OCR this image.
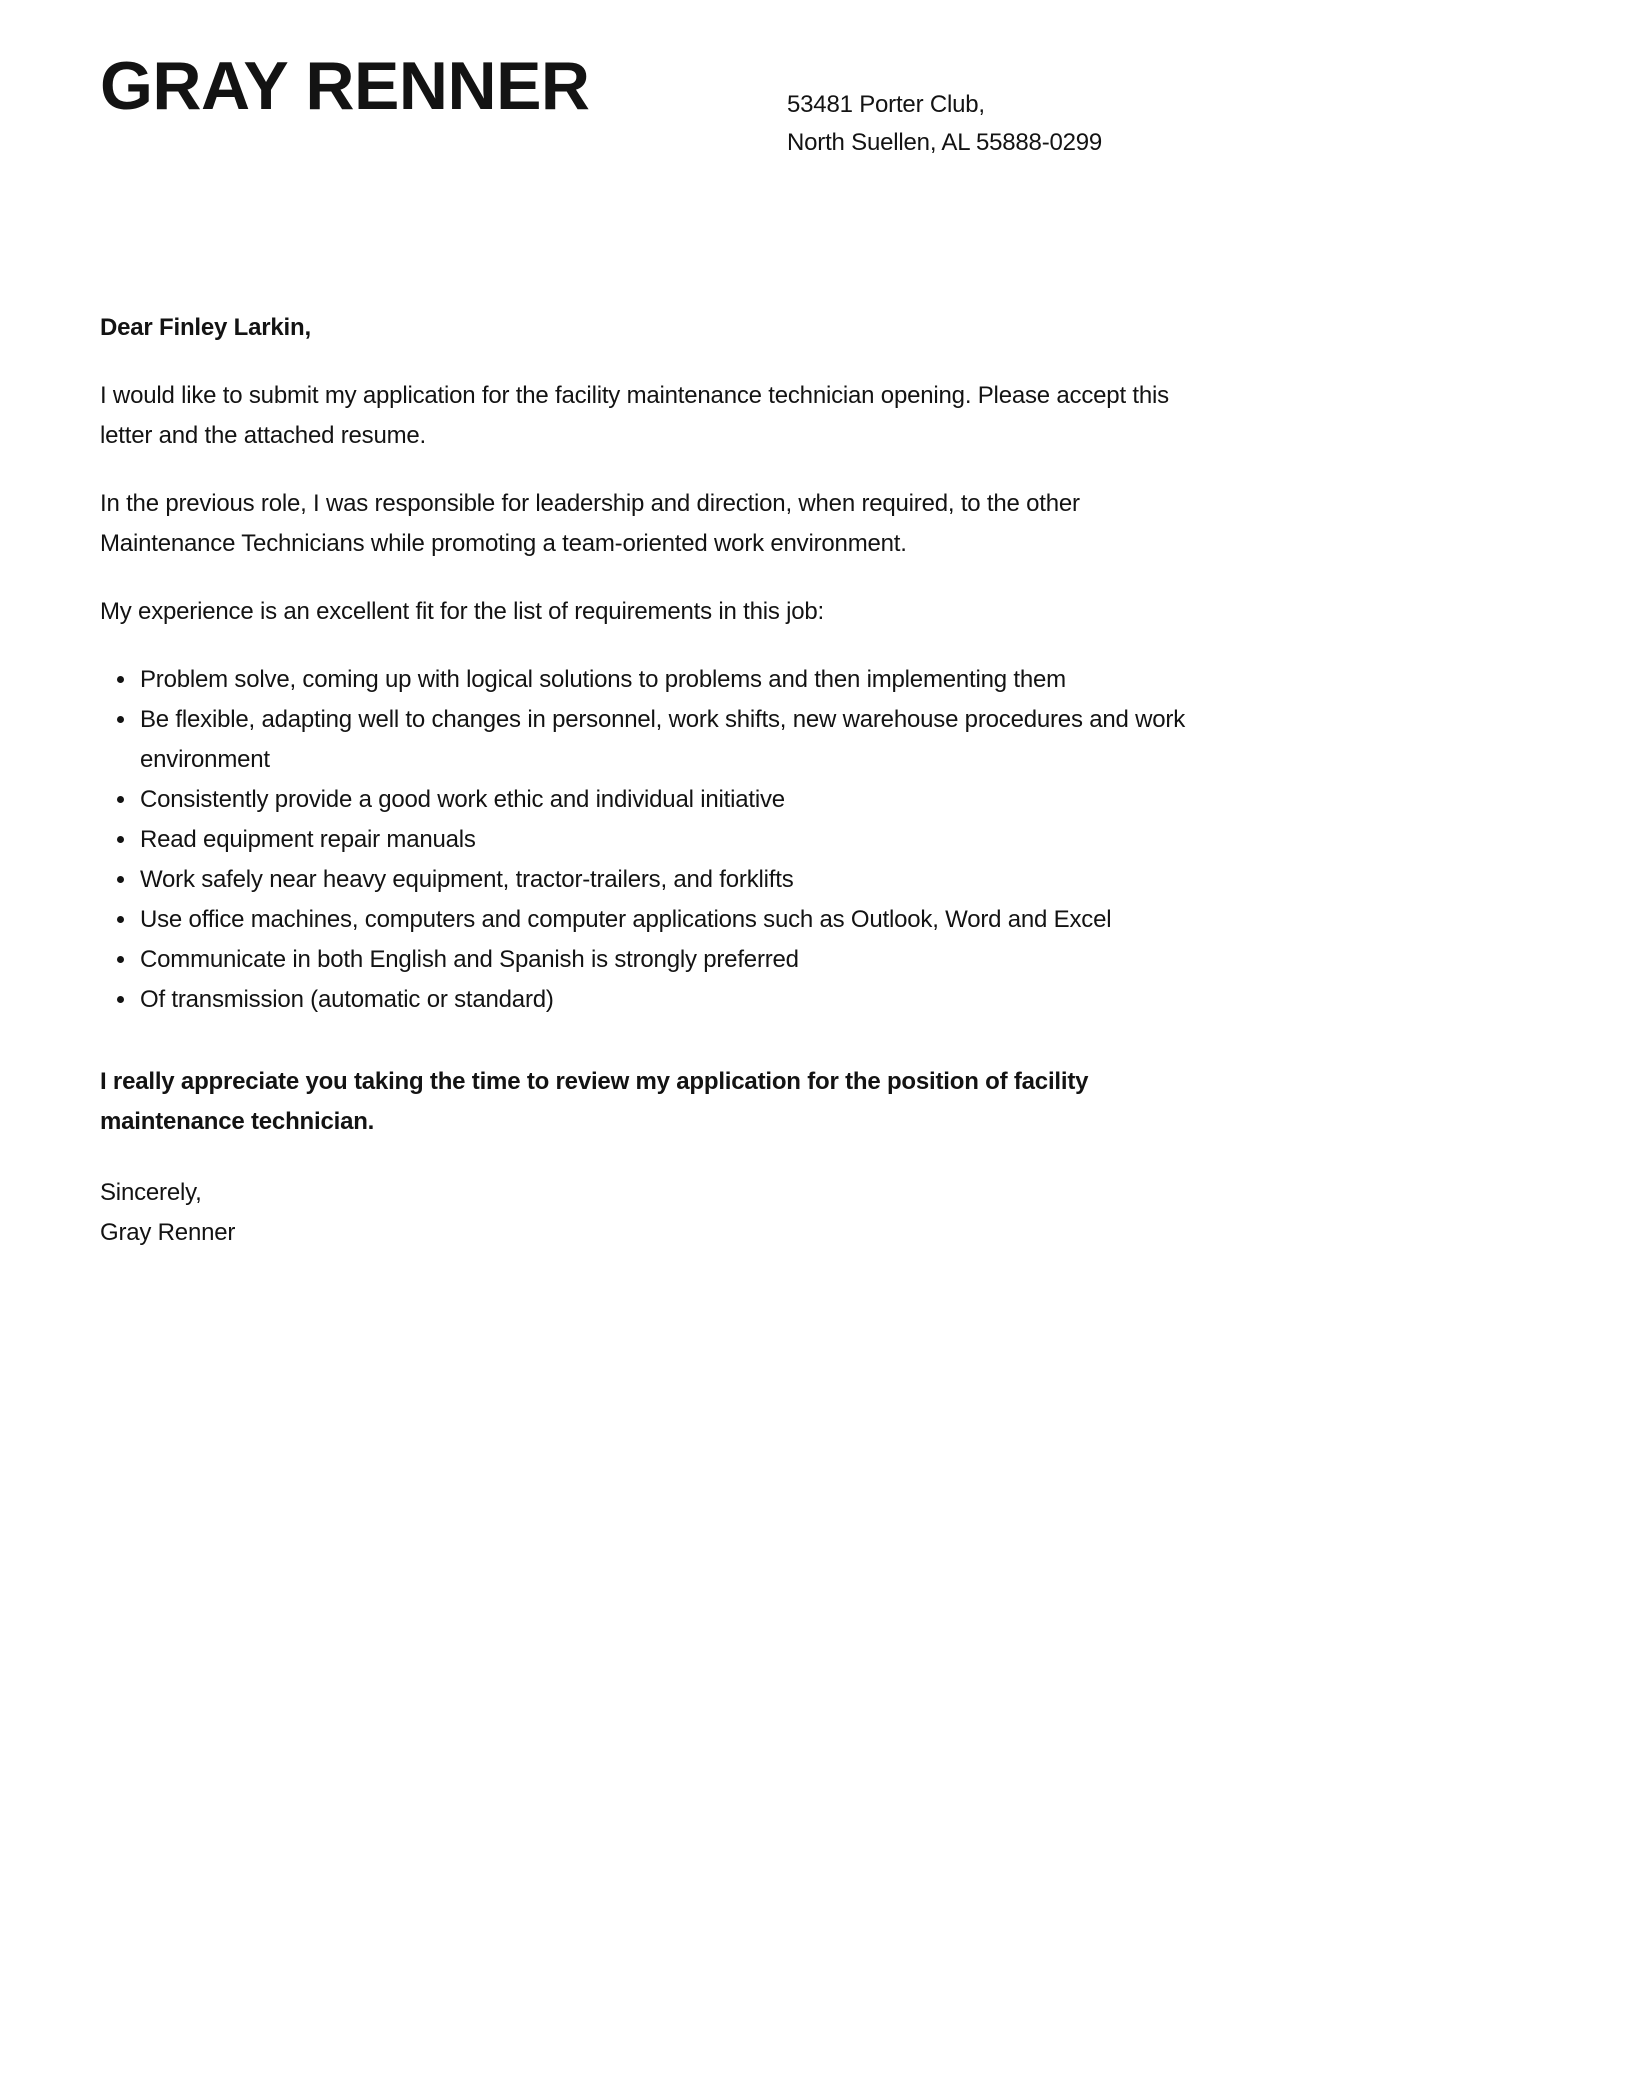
GRAY RENNER	53481 Porter Club,
North Suellen, AL 55888-0299

Dear Finley Larkin,

I would like to submit my application for the facility maintenance technician opening. Please accept this letter and the attached resume.

In the previous role, I was responsible for leadership and direction, when required, to the other Maintenance Technicians while promoting a team-oriented work environment.

My experience is an excellent fit for the list of requirements in this job:

• Problem solve, coming up with logical solutions to problems and then implementing them
• Be flexible, adapting well to changes in personnel, work shifts, new warehouse procedures and work environment
• Consistently provide a good work ethic and individual initiative
• Read equipment repair manuals
• Work safely near heavy equipment, tractor-trailers, and forklifts
• Use office machines, computers and computer applications such as Outlook, Word and Excel
• Communicate in both English and Spanish is strongly preferred
• Of transmission (automatic or standard)

I really appreciate you taking the time to review my application for the position of facility maintenance technician.

Sincerely,
Gray Renner
